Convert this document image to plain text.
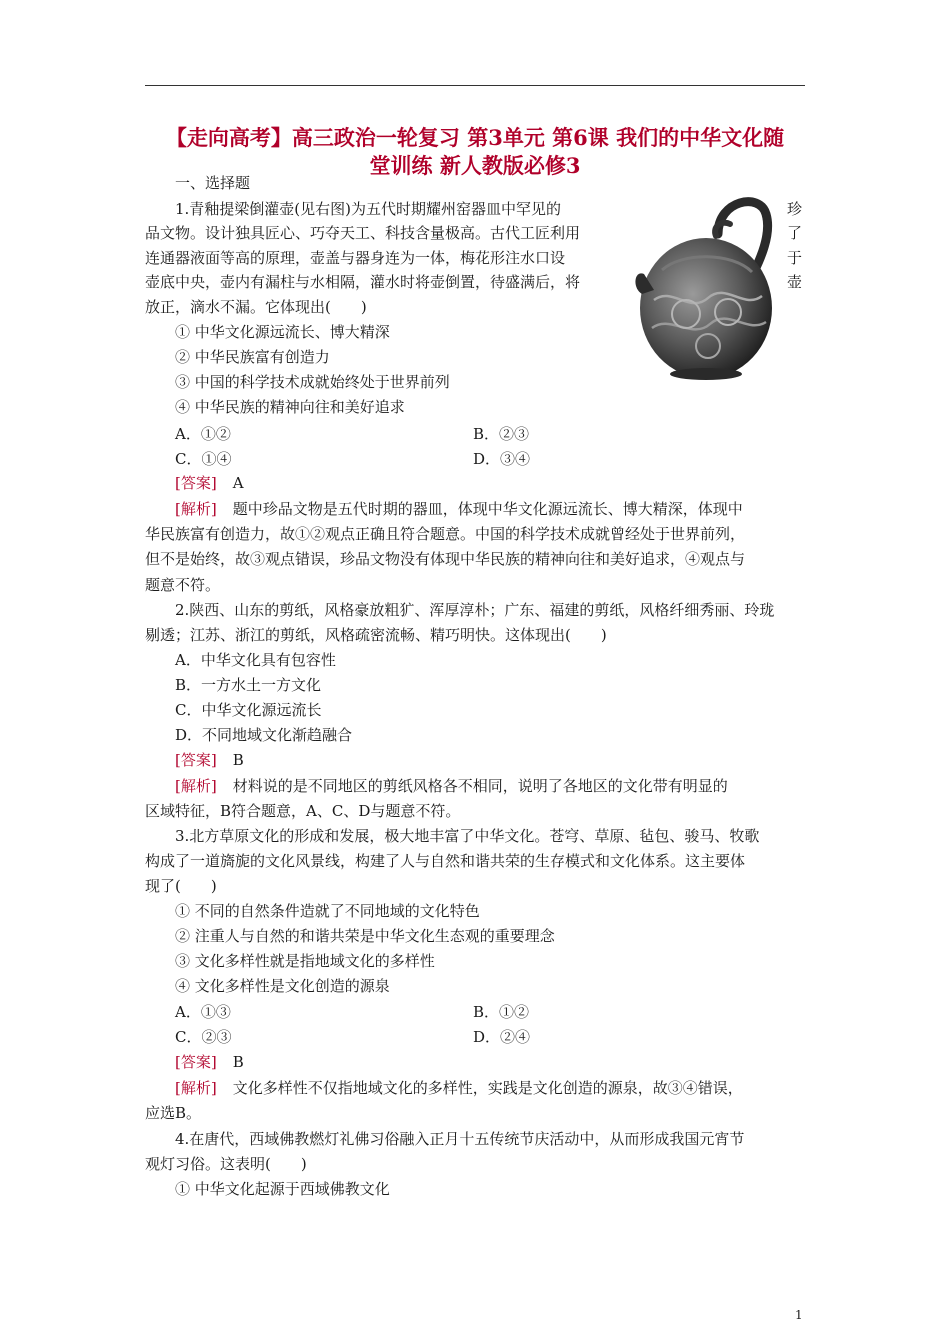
【走向高考】高三政治一轮复习 第3单元 第6课 我们的中华文化随
堂训练 新人教版必修3
一、选择题
1.青釉提梁倒灌壶(见右图)为五代时期耀州窑器皿中罕见的
品文物。设计独具匠心、巧夺天工、科技含量极高。古代工匠利用
连通器液面等高的原理，壶盖与器身连为一体，梅花形注水口设
壶底中央，壶内有漏柱与水相隔，灌水时将壶倒置，待盛满后，将
放正，滴水不漏。它体现出(　　)
珍
了
于
壶
① 中华文化源远流长、博大精深
② 中华民族富有创造力
③ 中国的科学技术成就始终处于世界前列
④ 中华民族的精神向往和美好追求
A．①②	B．②③
C．①④	D．③④
[答案] A
[解析] 题中珍品文物是五代时期的器皿，体现中华文化源远流长、博大精深，体现中
华民族富有创造力，故①②观点正确且符合题意。中国的科学技术成就曾经处于世界前列，
但不是始终，故③观点错误，珍品文物没有体现中华民族的精神向往和美好追求，④观点与
题意不符。
2.陕西、山东的剪纸，风格豪放粗犷、浑厚淳朴；广东、福建的剪纸，风格纤细秀丽、玲珑
剔透；江苏、浙江的剪纸，风格疏密流畅、精巧明快。这体现出(　　)
A．中华文化具有包容性
B．一方水土一方文化
C．中华文化源远流长
D．不同地域文化渐趋融合
[答案] B
[解析] 材料说的是不同地区的剪纸风格各不相同，说明了各地区的文化带有明显的
区域特征，B符合题意，A、C、D与题意不符。
3.北方草原文化的形成和发展，极大地丰富了中华文化。苍穹、草原、毡包、骏马、牧歌
构成了一道旖旎的文化风景线，构建了人与自然和谐共荣的生存模式和文化体系。这主要体
现了(　　)
① 不同的自然条件造就了不同地域的文化特色
② 注重人与自然的和谐共荣是中华文化生态观的重要理念
③ 文化多样性就是指地域文化的多样性
④ 文化多样性是文化创造的源泉
A．①③	B．①②
C．②③	D．②④
[答案] B
[解析] 文化多样性不仅指地域文化的多样性，实践是文化创造的源泉，故③④错误，
应选B。
4.在唐代，西域佛教燃灯礼佛习俗融入正月十五传统节庆活动中，从而形成我国元宵节
观灯习俗。这表明(　　)
① 中华文化起源于西域佛教文化
1
